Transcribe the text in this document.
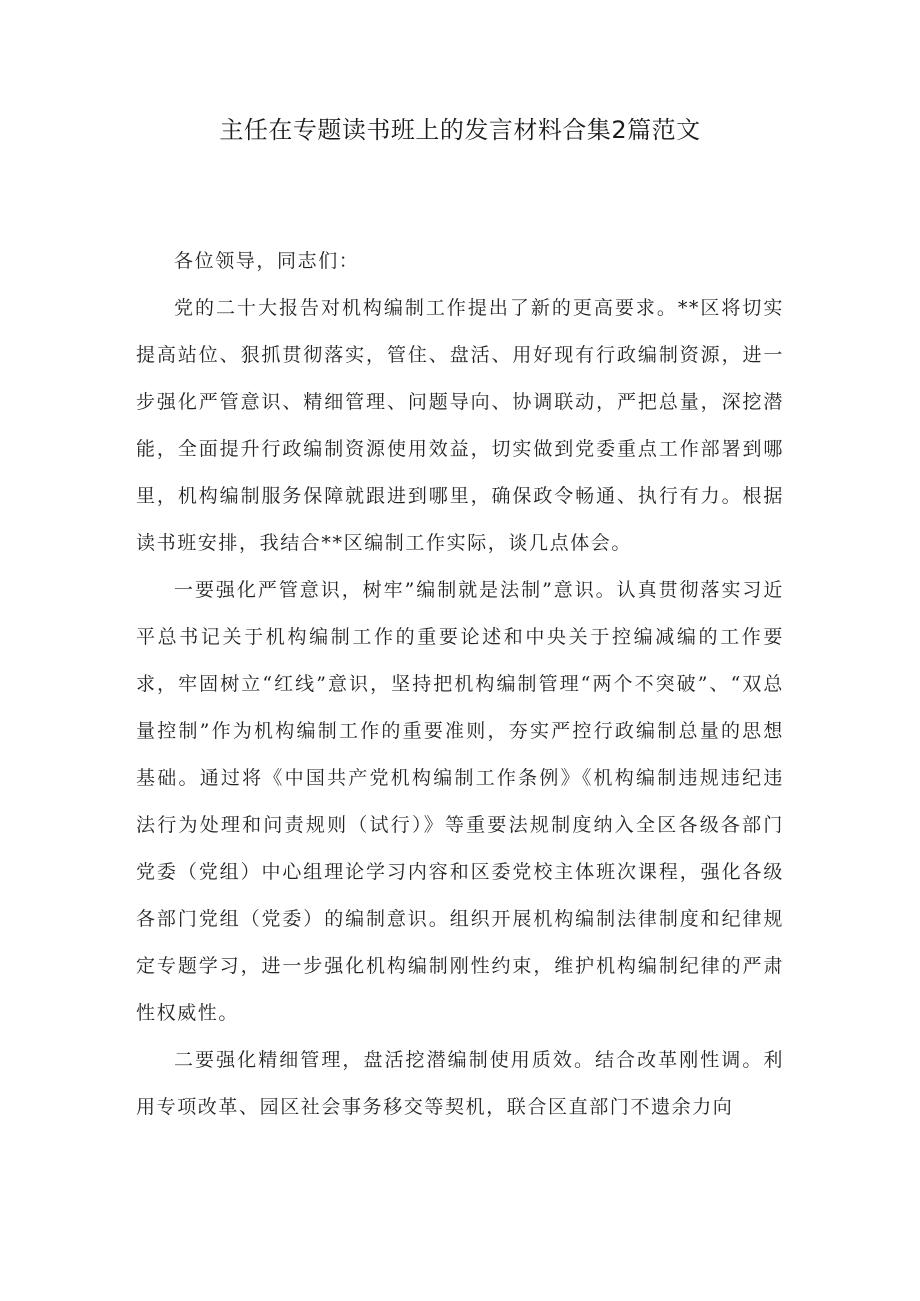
主任在专题读书班上的发言材料合集2篇范文

各位领导，同志们：

党的二十大报告对机构编制工作提出了新的更高要求。**区将切实提高站位、狠抓贯彻落实，管住、盘活、用好现有行政编制资源，进一步强化严管意识、精细管理、问题导向、协调联动，严把总量，深挖潜能，全面提升行政编制资源使用效益，切实做到党委重点工作部署到哪里，机构编制服务保障就跟进到哪里，确保政令畅通、执行有力。根据读书班安排，我结合**区编制工作实际，谈几点体会。

一要强化严管意识，树牢”编制就是法制”意识。认真贯彻落实习近平总书记关于机构编制工作的重要论述和中央关于控编减编的工作要求，牢固树立“红线”意识，坚持把机构编制管理“两个不突破”、“双总量控制”作为机构编制工作的重要准则，夯实严控行政编制总量的思想基础。通过将《中国共产党机构编制工作条例》《机构编制违规违纪违法行为处理和问责规则（试行）》等重要法规制度纳入全区各级各部门党委（党组）中心组理论学习内容和区委党校主体班次课程，强化各级各部门党组（党委）的编制意识。组织开展机构编制法律制度和纪律规定专题学习，进一步强化机构编制刚性约束，维护机构编制纪律的严肃性权威性。

二要强化精细管理，盘活挖潜编制使用质效。结合改革刚性调。利用专项改革、园区社会事务移交等契机，联合区直部门不遗余力向
